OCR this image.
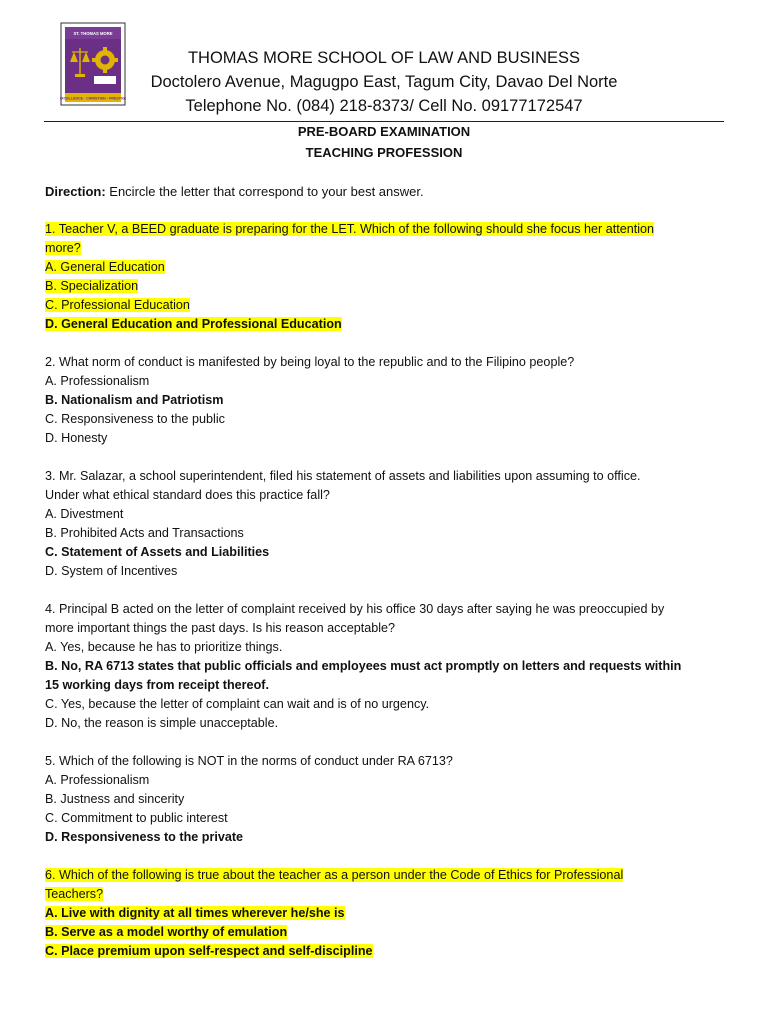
ST. THOMAS MORE
EXCELLENCE · CHRISTIAN · PRESTIGE
THOMAS MORE SCHOOL OF LAW AND BUSINESS
Doctolero Avenue, Magugpo East, Tagum City, Davao Del Norte
Telephone No. (084) 218-8373/ Cell No. 09177172547
PRE-BOARD EXAMINATION
TEACHING PROFESSION
Direction: Encircle the letter that correspond to your best answer.
1. Teacher V, a BEED graduate is preparing for the LET. Which of the following should she focus her attention
more?
A. General Education
B. Specialization
C. Professional Education
D. General Education and Professional Education
2. What norm of conduct is manifested by being loyal to the republic and to the Filipino people?
A. Professionalism
B. Nationalism and Patriotism
C. Responsiveness to the public
D. Honesty
3. Mr. Salazar, a school superintendent, filed his statement of assets and liabilities upon assuming to office.
Under what ethical standard does this practice fall?
A. Divestment
B. Prohibited Acts and Transactions
C. Statement of Assets and Liabilities
D. System of Incentives
4. Principal B acted on the letter of complaint received by his office 30 days after saying he was preoccupied by
more important things the past days. Is his reason acceptable?
A. Yes, because he has to prioritize things.
B. No, RA 6713 states that public officials and employees must act promptly on letters and requests within
15 working days from receipt thereof.
C. Yes, because the letter of complaint can wait and is of no urgency.
D. No, the reason is simple unacceptable.
5. Which of the following is NOT in the norms of conduct under RA 6713?
A. Professionalism
B. Justness and sincerity
C. Commitment to public interest
D. Responsiveness to the private
6. Which of the following is true about the teacher as a person under the Code of Ethics for Professional
Teachers?
A. Live with dignity at all times wherever he/she is
B. Serve as a model worthy of emulation
C. Place premium upon self-respect and self-discipline
